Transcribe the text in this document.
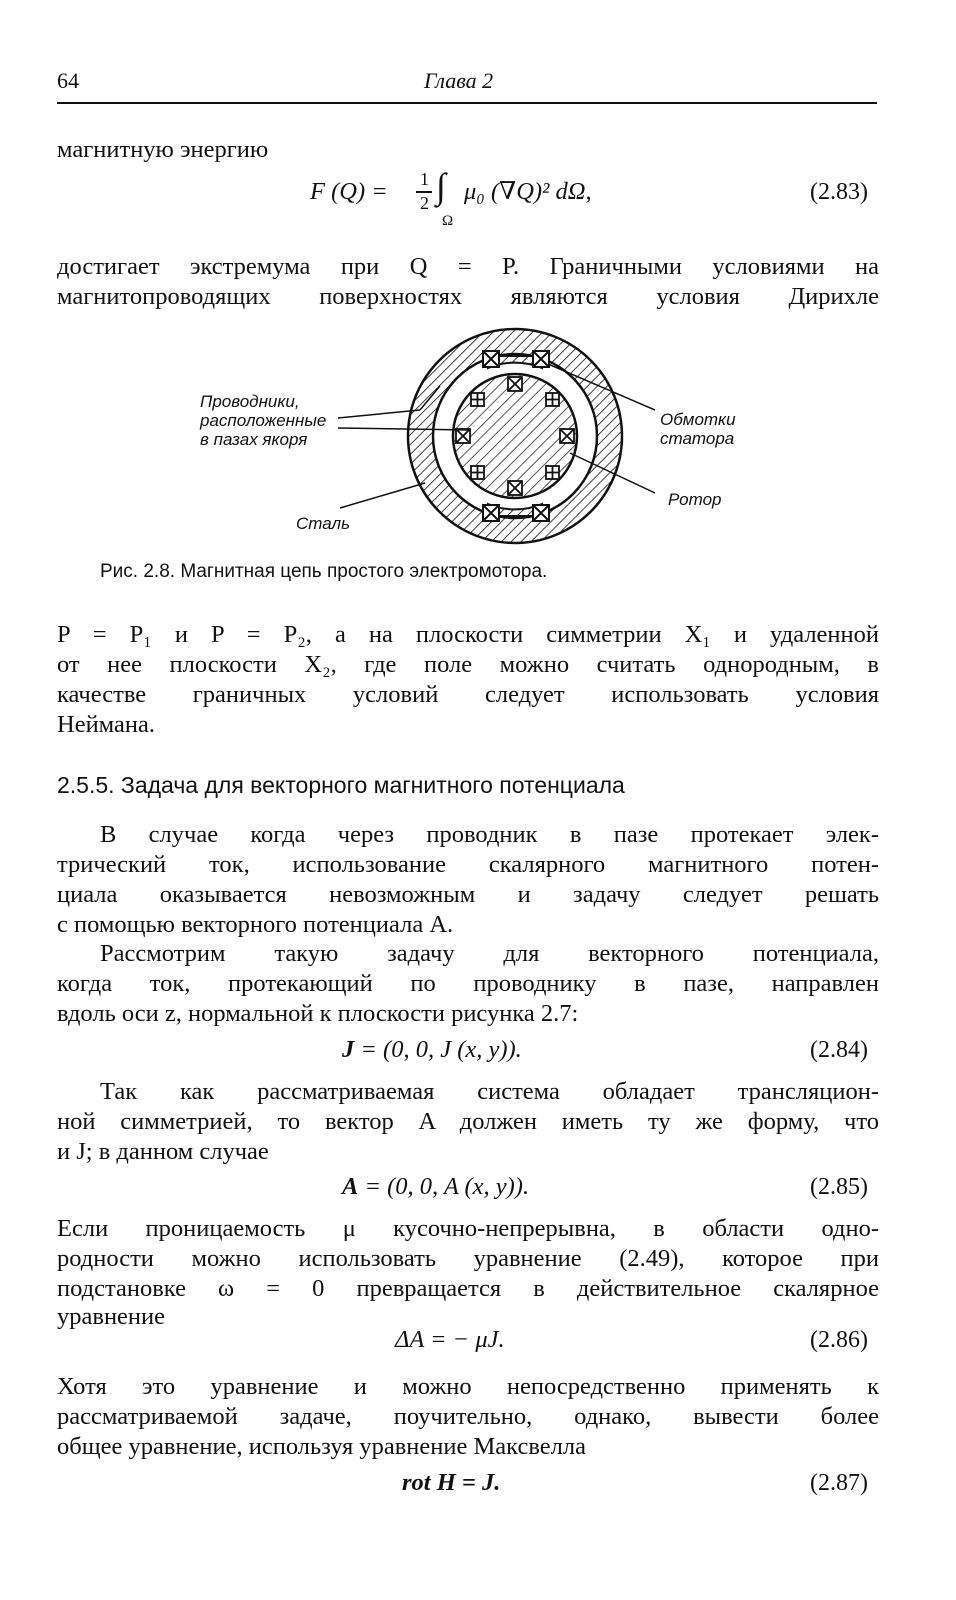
64	Глава 2
магнитную энергию
F (Q) = 1
2 ∫
Ω
μ₀ (∇Q)² dΩ,	(2.83)
достигает экстремума при Q = P. Граничными условиями на
магнитопроводящих поверхностях являются условия Дирихле
Проводники,
расположенные
в пазах якоря
Обмотки
статора
Ротор
Сталь
Рис. 2.8. Магнитная цепь простого электромотора.
P = P₁ и P = P₂, а на плоскости симметрии X₁ и удаленной
от нее плоскости X₂, где поле можно считать однородным, в
качестве граничных условий следует использовать условия
Неймана.
2.5.5. Задача для векторного магнитного потенциала
В случае когда через проводник в пазе протекает элек-
трический ток, использование скалярного магнитного потен-
циала оказывается невозможным и задачу следует решать
с помощью векторного потенциала A.
Рассмотрим такую задачу для векторного потенциала,
когда ток, протекающий по проводнику в пазе, направлен
вдоль оси z, нормальной к плоскости рисунка 2.7:
J = (0, 0, J (x, y)).	(2.84)
Так как рассматриваемая система обладает трансляцион-
ной симметрией, то вектор A должен иметь ту же форму, что
и J; в данном случае
A = (0, 0, A (x, y)).	(2.85)
Если проницаемость μ кусочно-непрерывна, в области одно-
родности можно использовать уравнение (2.49), которое при
подстановке ω = 0 превращается в действительное скалярное
уравнение
ΔA = − μJ.	(2.86)
Хотя это уравнение и можно непосредственно применять к
рассматриваемой задаче, поучительно, однако, вывести более
общее уравнение, используя уравнение Максвелла
rot H = J.	(2.87)
